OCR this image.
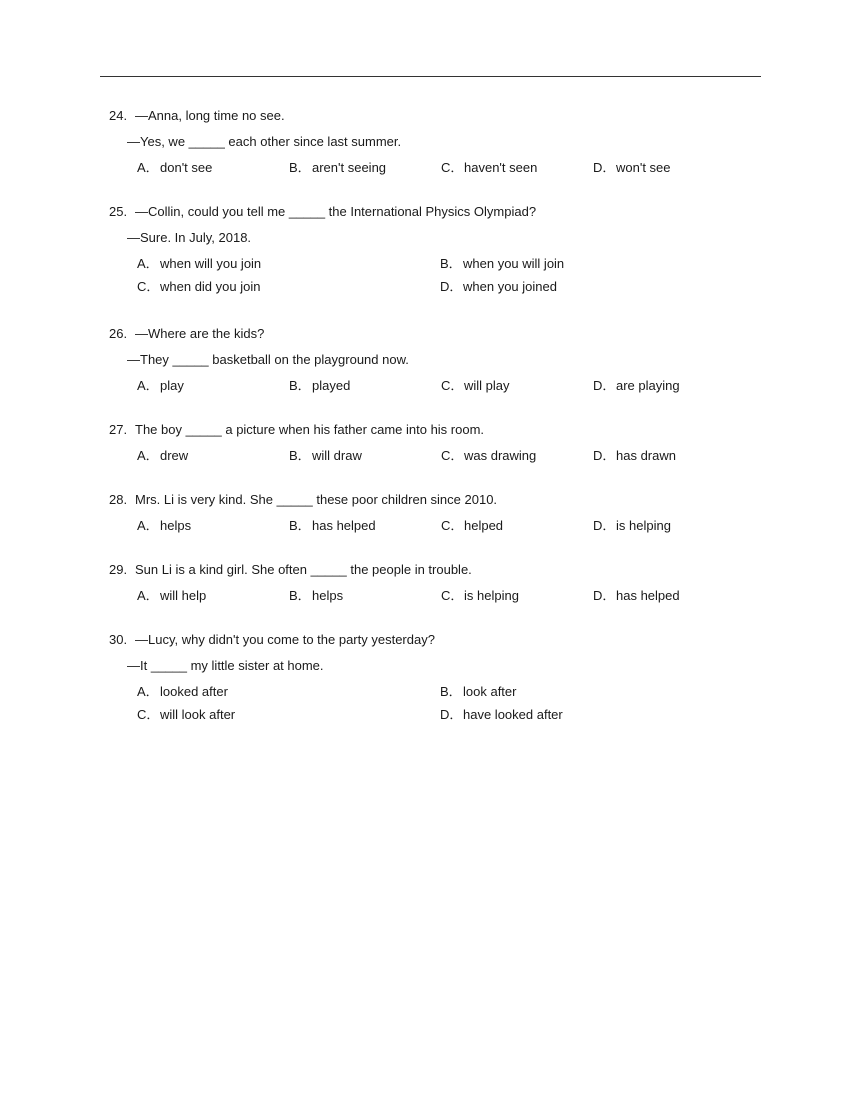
24. —Anna, long time no see.
—Yes, we _____ each other since last summer.
A．don't see	B．aren't seeing	C．haven't seen	D．won't see
25. —Collin, could you tell me _____ the International Physics Olympiad?
—Sure. In July, 2018.
A．when will you join	B．when you will join
C．when did you join	D．when you joined
26. —Where are the kids?
—They _____ basketball on the playground now.
A．play	B．played	C．will play	D．are playing
27. The boy _____ a picture when his father came into his room.
A．drew	B．will draw	C．was drawing	D．has drawn
28. Mrs. Li is very kind. She _____ these poor children since 2010.
A．helps	B．has helped	C．helped	D．is helping
29. Sun Li is a kind girl. She often _____ the people in trouble.
A．will help	B．helps	C．is helping	D．has helped
30. —Lucy, why didn't you come to the party yesterday?
—It _____ my little sister at home.
A．looked after	B．look after
C．will look after	D．have looked after
